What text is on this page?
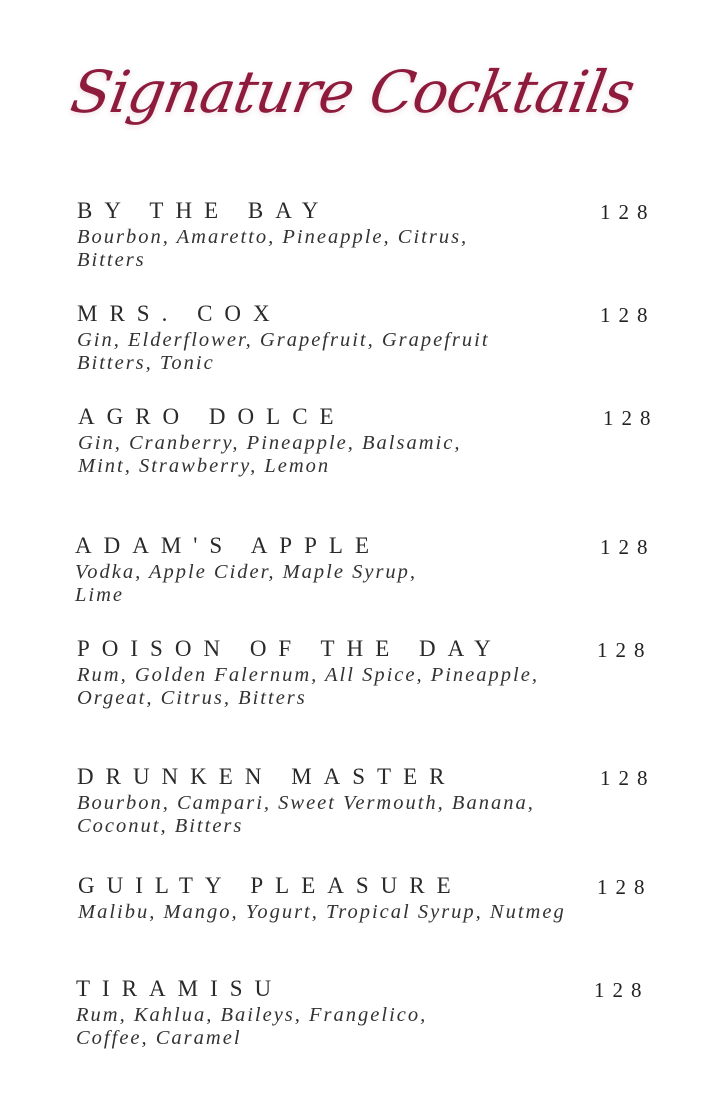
Signature Cocktails
BY THE BAY	128
Bourbon, Amaretto, Pineapple, Citrus,
Bitters
MRS. COX	128
Gin, Elderflower, Grapefruit, Grapefruit
Bitters, Tonic
AGRO DOLCE	128
Gin, Cranberry, Pineapple, Balsamic,
Mint, Strawberry, Lemon
ADAM'S APPLE	128
Vodka, Apple Cider, Maple Syrup,
Lime
POISON OF THE DAY	128
Rum, Golden Falernum, All Spice, Pineapple,
Orgeat, Citrus, Bitters
DRUNKEN MASTER	128
Bourbon, Campari, Sweet Vermouth, Banana,
Coconut, Bitters
GUILTY PLEASURE	128
Malibu, Mango, Yogurt, Tropical Syrup, Nutmeg
TIRAMISU	128
Rum, Kahlua, Baileys, Frangelico,
Coffee, Caramel
